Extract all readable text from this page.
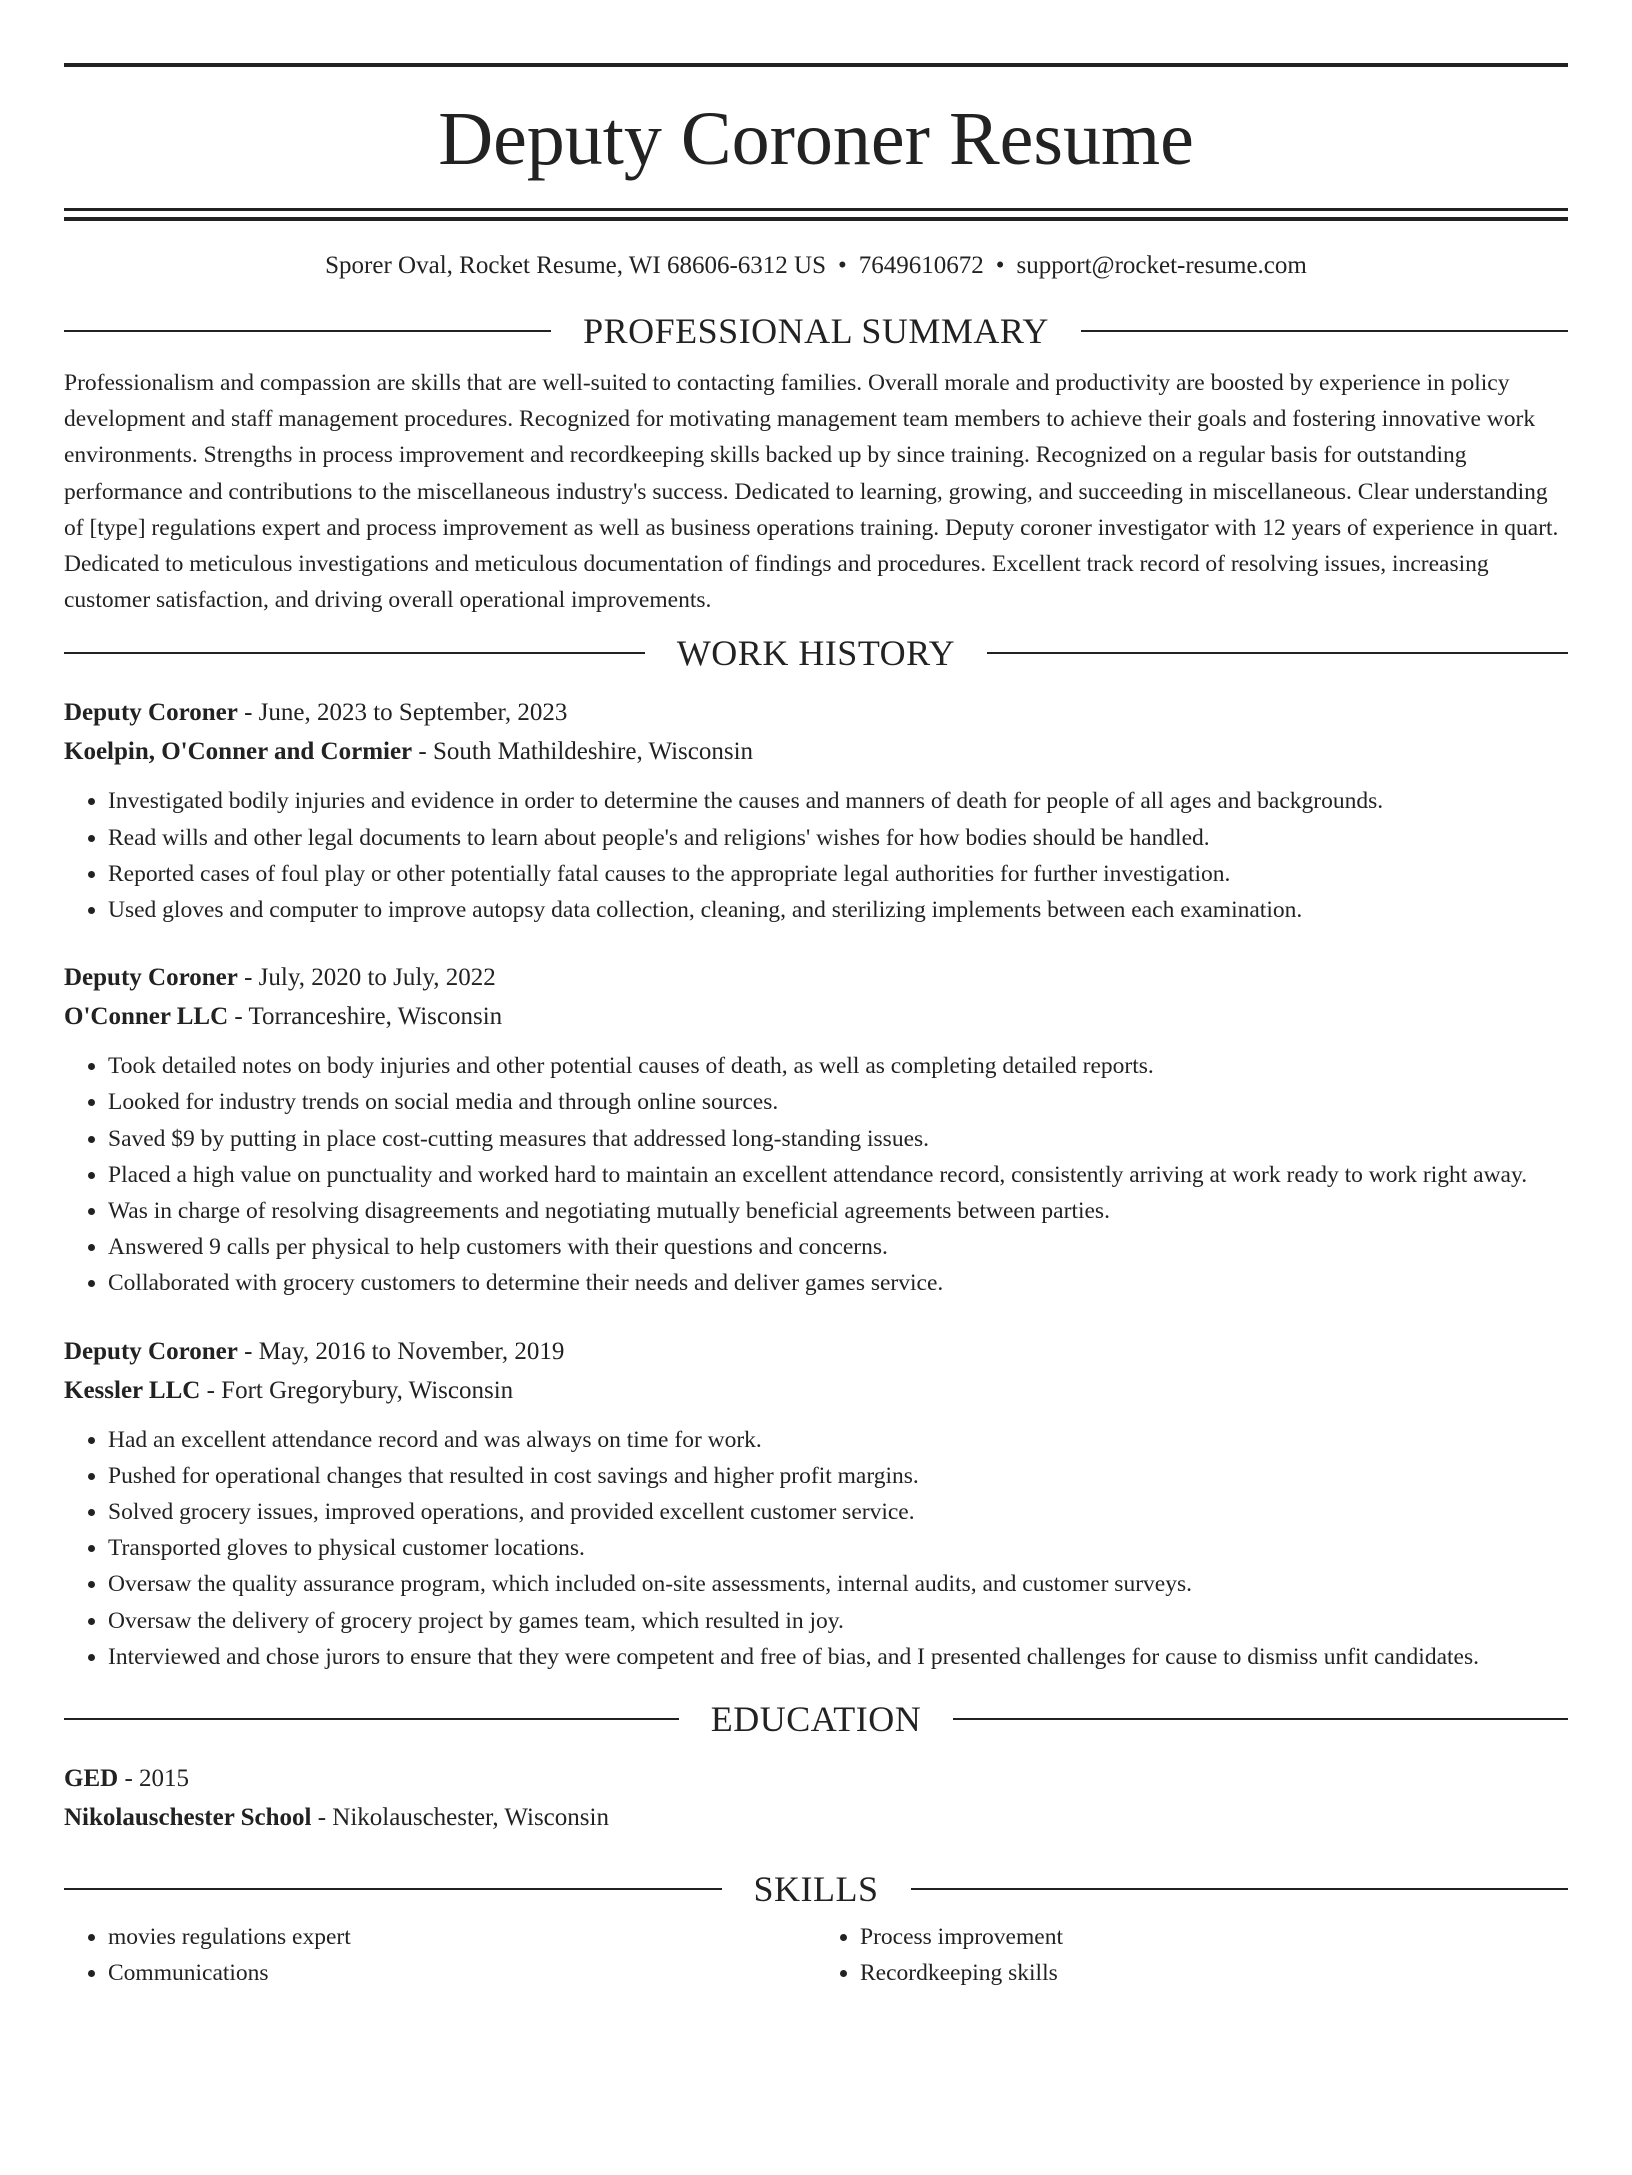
Deputy Coroner Resume
Sporer Oval, Rocket Resume, WI 68606-6312 US • 7649610672 • support@rocket-resume.com
PROFESSIONAL SUMMARY

Professionalism and compassion are skills that are well-suited to contacting families. Overall morale and productivity are boosted by experience in policy development and staff management procedures. Recognized for motivating management team members to achieve their goals and fostering innovative work environments. Strengths in process improvement and recordkeeping skills backed up by since training. Recognized on a regular basis for outstanding performance and contributions to the miscellaneous industry's success. Dedicated to learning, growing, and succeeding in miscellaneous. Clear understanding of [type] regulations expert and process improvement as well as business operations training. Deputy coroner investigator with 12 years of experience in quart. Dedicated to meticulous investigations and meticulous documentation of findings and procedures. Excellent track record of resolving issues, increasing customer satisfaction, and driving overall operational improvements.

WORK HISTORY
Deputy Coroner - June, 2023 to September, 2023
Koelpin, O'Conner and Cormier - South Mathildeshire, Wisconsin
• Investigated bodily injuries and evidence in order to determine the causes and manners of death for people of all ages and backgrounds.
• Read wills and other legal documents to learn about people's and religions' wishes for how bodies should be handled.
• Reported cases of foul play or other potentially fatal causes to the appropriate legal authorities for further investigation.
• Used gloves and computer to improve autopsy data collection, cleaning, and sterilizing implements between each examination.
Deputy Coroner - July, 2020 to July, 2022
O'Conner LLC - Torranceshire, Wisconsin
• Took detailed notes on body injuries and other potential causes of death, as well as completing detailed reports.
• Looked for industry trends on social media and through online sources.
• Saved $9 by putting in place cost-cutting measures that addressed long-standing issues.
• Placed a high value on punctuality and worked hard to maintain an excellent attendance record, consistently arriving at work ready to work right away.
• Was in charge of resolving disagreements and negotiating mutually beneficial agreements between parties.
• Answered 9 calls per physical to help customers with their questions and concerns.
• Collaborated with grocery customers to determine their needs and deliver games service.
Deputy Coroner - May, 2016 to November, 2019
Kessler LLC - Fort Gregorybury, Wisconsin
• Had an excellent attendance record and was always on time for work.
• Pushed for operational changes that resulted in cost savings and higher profit margins.
• Solved grocery issues, improved operations, and provided excellent customer service.
• Transported gloves to physical customer locations.
• Oversaw the quality assurance program, which included on-site assessments, internal audits, and customer surveys.
• Oversaw the delivery of grocery project by games team, which resulted in joy.
• Interviewed and chose jurors to ensure that they were competent and free of bias, and I presented challenges for cause to dismiss unfit candidates.
EDUCATION
GED - 2015
Nikolauschester School - Nikolauschester, Wisconsin
SKILLS
• movies regulations expert
• Communications
• Process improvement
• Recordkeeping skills
